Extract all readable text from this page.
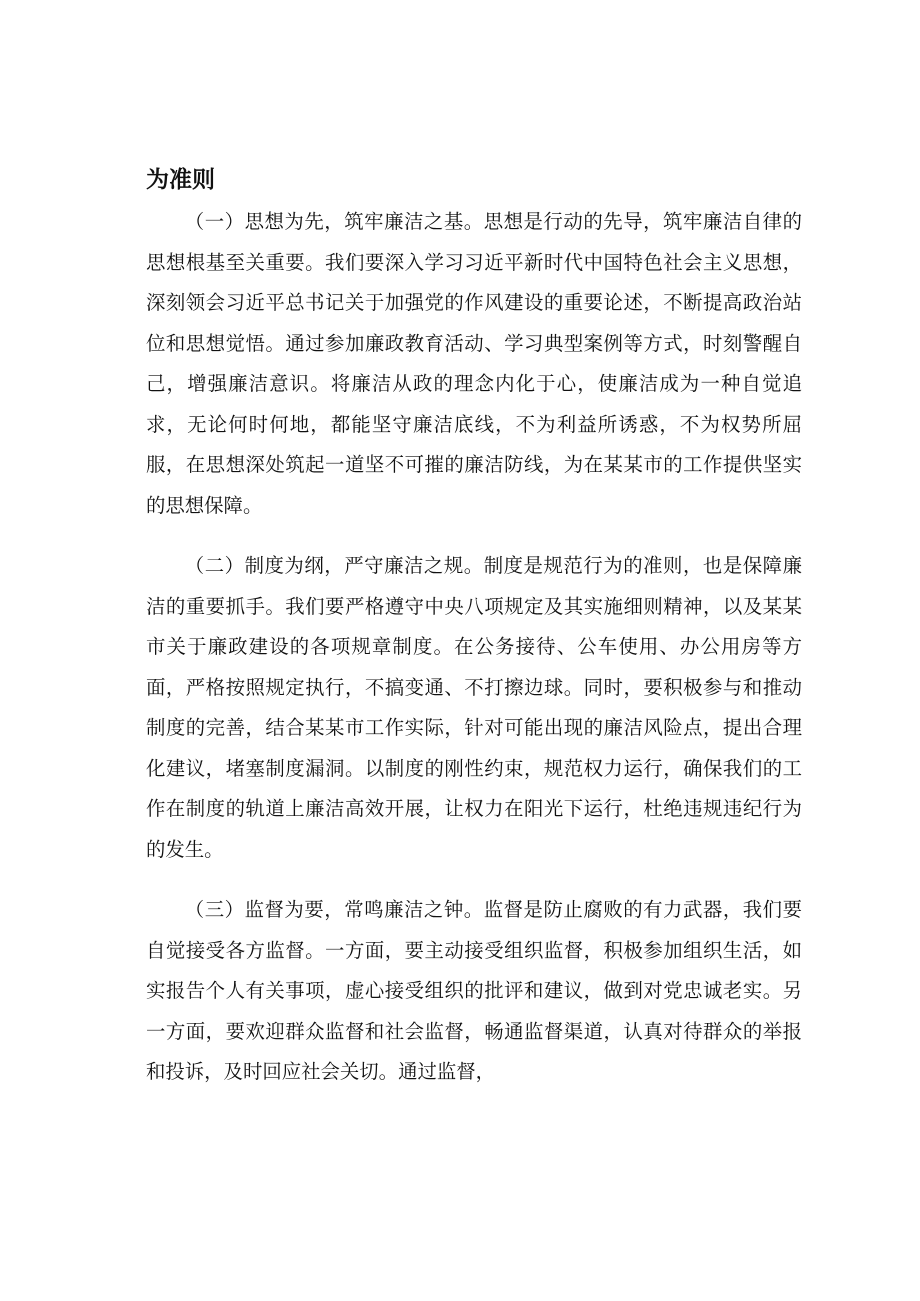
为准则

（一）思想为先，筑牢廉洁之基。思想是行动的先导，筑牢廉洁自律的思想根基至关重要。我们要深入学习习近平新时代中国特色社会主义思想，深刻领会习近平总书记关于加强党的作风建设的重要论述，不断提高政治站位和思想觉悟。通过参加廉政教育活动、学习典型案例等方式，时刻警醒自己，增强廉洁意识。将廉洁从政的理念内化于心，使廉洁成为一种自觉追求，无论何时何地，都能坚守廉洁底线，不为利益所诱惑，不为权势所屈服，在思想深处筑起一道坚不可摧的廉洁防线，为在某某市的工作提供坚实的思想保障。

（二）制度为纲，严守廉洁之规。制度是规范行为的准则，也是保障廉洁的重要抓手。我们要严格遵守中央八项规定及其实施细则精神，以及某某市关于廉政建设的各项规章制度。在公务接待、公车使用、办公用房等方面，严格按照规定执行，不搞变通、不打擦边球。同时，要积极参与和推动制度的完善，结合某某市工作实际，针对可能出现的廉洁风险点，提出合理化建议，堵塞制度漏洞。以制度的刚性约束，规范权力运行，确保我们的工作在制度的轨道上廉洁高效开展，让权力在阳光下运行，杜绝违规违纪行为的发生。

（三）监督为要，常鸣廉洁之钟。监督是防止腐败的有力武器，我们要自觉接受各方监督。一方面，要主动接受组织监督，积极参加组织生活，如实报告个人有关事项，虚心接受组织的批评和建议，做到对党忠诚老实。另一方面，要欢迎群众监督和社会监督，畅通监督渠道，认真对待群众的举报和投诉，及时回应社会关切。通过监督，
